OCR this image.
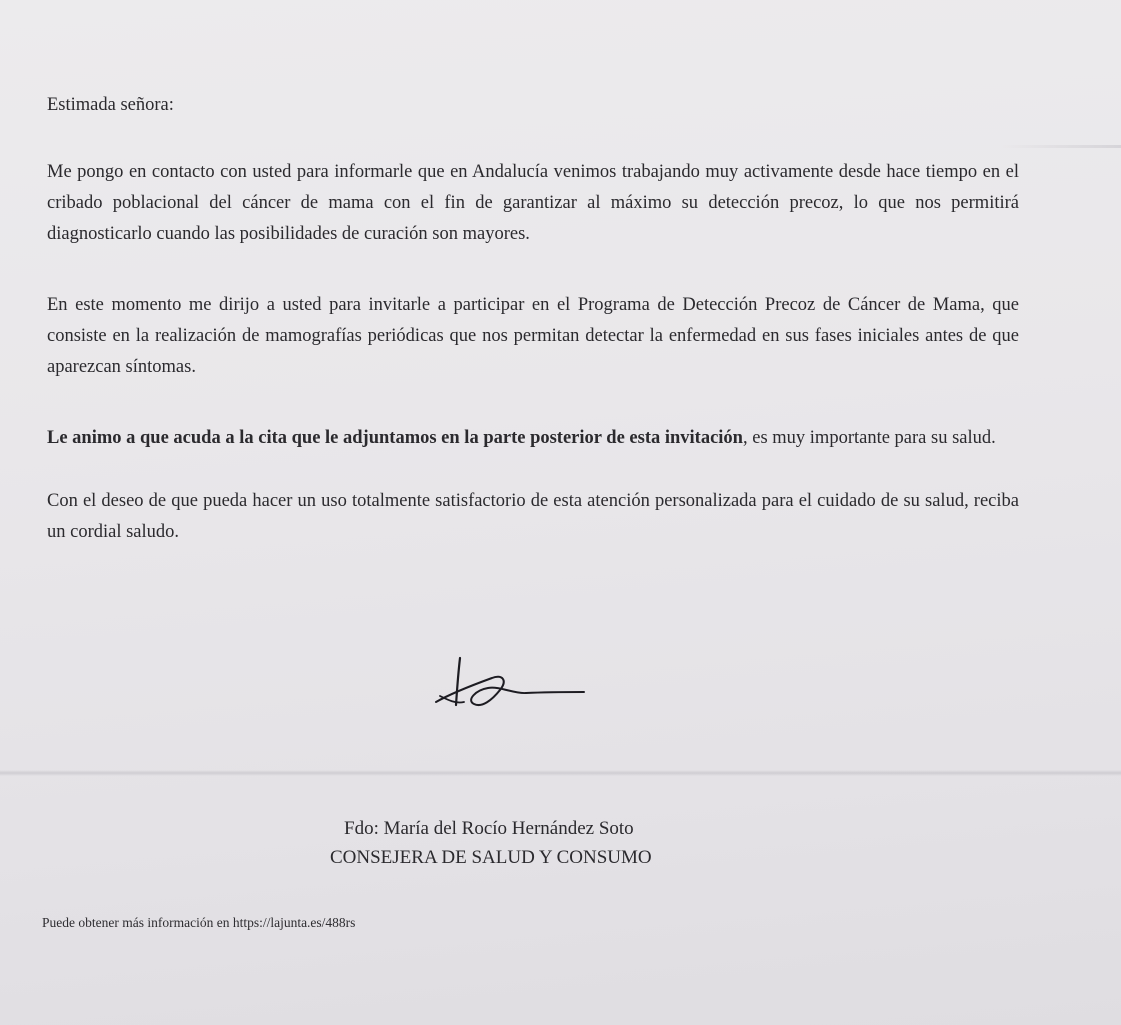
Estimada señora:

Me pongo en contacto con usted para informarle que en Andalucía venimos trabajando muy activamente desde hace tiempo en el cribado poblacional del cáncer de mama con el fin de garantizar al máximo su detección precoz, lo que nos permitirá diagnosticarlo cuando las posibilidades de curación son mayores.

En este momento me dirijo a usted para invitarle a participar en el Programa de Detección Precoz de Cáncer de Mama, que consiste en la realización de mamografías periódicas que nos permitan detectar la enfermedad en sus fases iniciales antes de que aparezcan síntomas.

Le animo a que acuda a la cita que le adjuntamos en la parte posterior de esta invitación, es muy importante para su salud.

Con el deseo de que pueda hacer un uso totalmente satisfactorio de esta atención personalizada para el cuidado de su salud, reciba un cordial saludo.

Fdo: María del Rocío Hernández Soto
CONSEJERA DE SALUD Y CONSUMO
Puede obtener más información en https://lajunta.es/488rs
